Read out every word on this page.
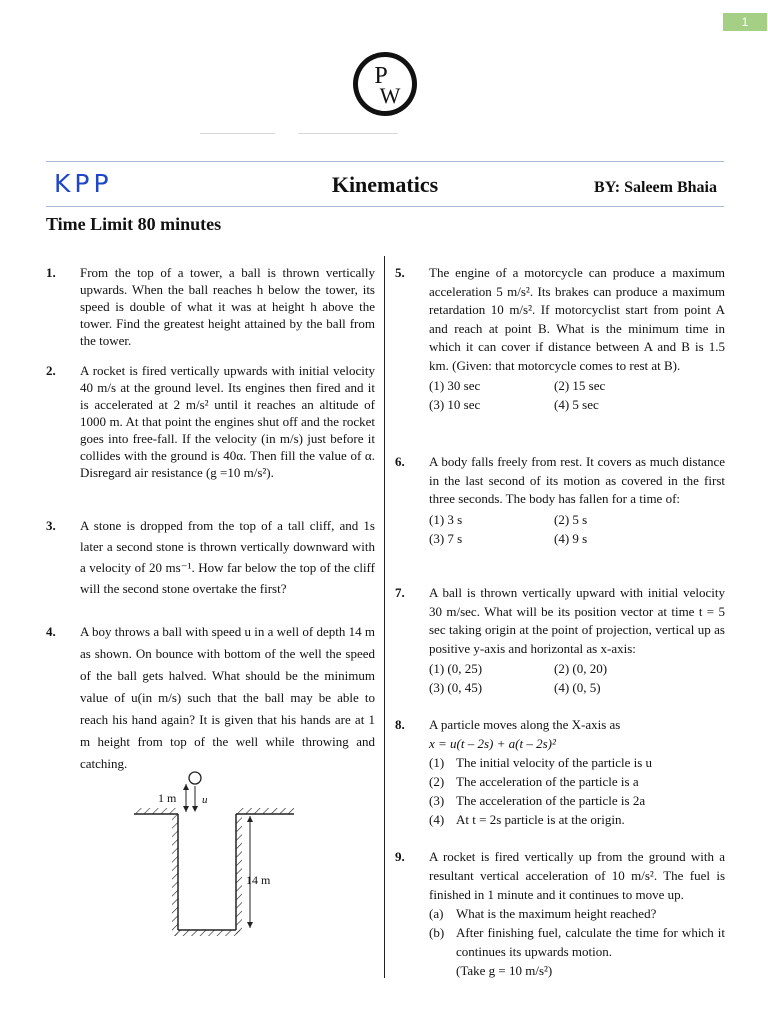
1
P
W
KPP	Kinematics	BY: Saleem Bhaia
Time Limit 80 minutes
1. From the top of a tower, a ball is thrown vertically upwards. When the ball reaches h below the tower, its speed is double of what it was at height h above the tower. Find the greatest height attained by the ball from the tower.
2. A rocket is fired vertically upwards with initial velocity 40 m/s at the ground level. Its engines then fired and it is accelerated at 2 m/s² until it reaches an altitude of 1000 m. At that point the engines shut off and the rocket goes into free-fall. If the velocity (in m/s) just before it collides with the ground is 40α. Then fill the value of α. Disregard air resistance (g =10 m/s²).
3. A stone is dropped from the top of a tall cliff, and 1s later a second stone is thrown vertically downward with a velocity of 20 ms⁻¹. How far below the top of the cliff will the second stone overtake the first?
4. A boy throws a ball with speed u in a well of depth 14 m as shown. On bounce with bottom of the well the speed of the ball gets halved. What should be the minimum value of u(in m/s) such that the ball may be able to reach his hand again? It is given that his hands are at 1 m height from top of the well while throwing and catching.
1 m u
14 m
5. The engine of a motorcycle can produce a maximum acceleration 5 m/s². Its brakes can produce a maximum retardation 10 m/s². If motorcyclist start from point A and reach at point B. What is the minimum time in which it can cover if distance between A and B is 1.5 km. (Given: that motorcycle comes to rest at B).
(1) 30 sec	(2) 15 sec
(3) 10 sec	(4) 5 sec
6. A body falls freely from rest. It covers as much distance in the last second of its motion as covered in the first three seconds. The body has fallen for a time of:
(1) 3 s	(2) 5 s
(3) 7 s	(4) 9 s
7. A ball is thrown vertically upward with initial velocity 30 m/sec. What will be its position vector at time t = 5 sec taking origin at the point of projection, vertical up as positive y-axis and horizontal as x-axis:
(1) (0, 25)	(2) (0, 20)
(3) (0, 45)	(4) (0, 5)
8. A particle moves along the X-axis as
x = u(t – 2s) + a(t – 2s)²
(1) The initial velocity of the particle is u
(2) The acceleration of the particle is a
(3) The acceleration of the particle is 2a
(4) At t = 2s particle is at the origin.
9. A rocket is fired vertically up from the ground with a resultant vertical acceleration of 10 m/s². The fuel is finished in 1 minute and it continues to move up.
(a) What is the maximum height reached?
(b) After finishing fuel, calculate the time for which it continues its upwards motion.
(Take g = 10 m/s²)
